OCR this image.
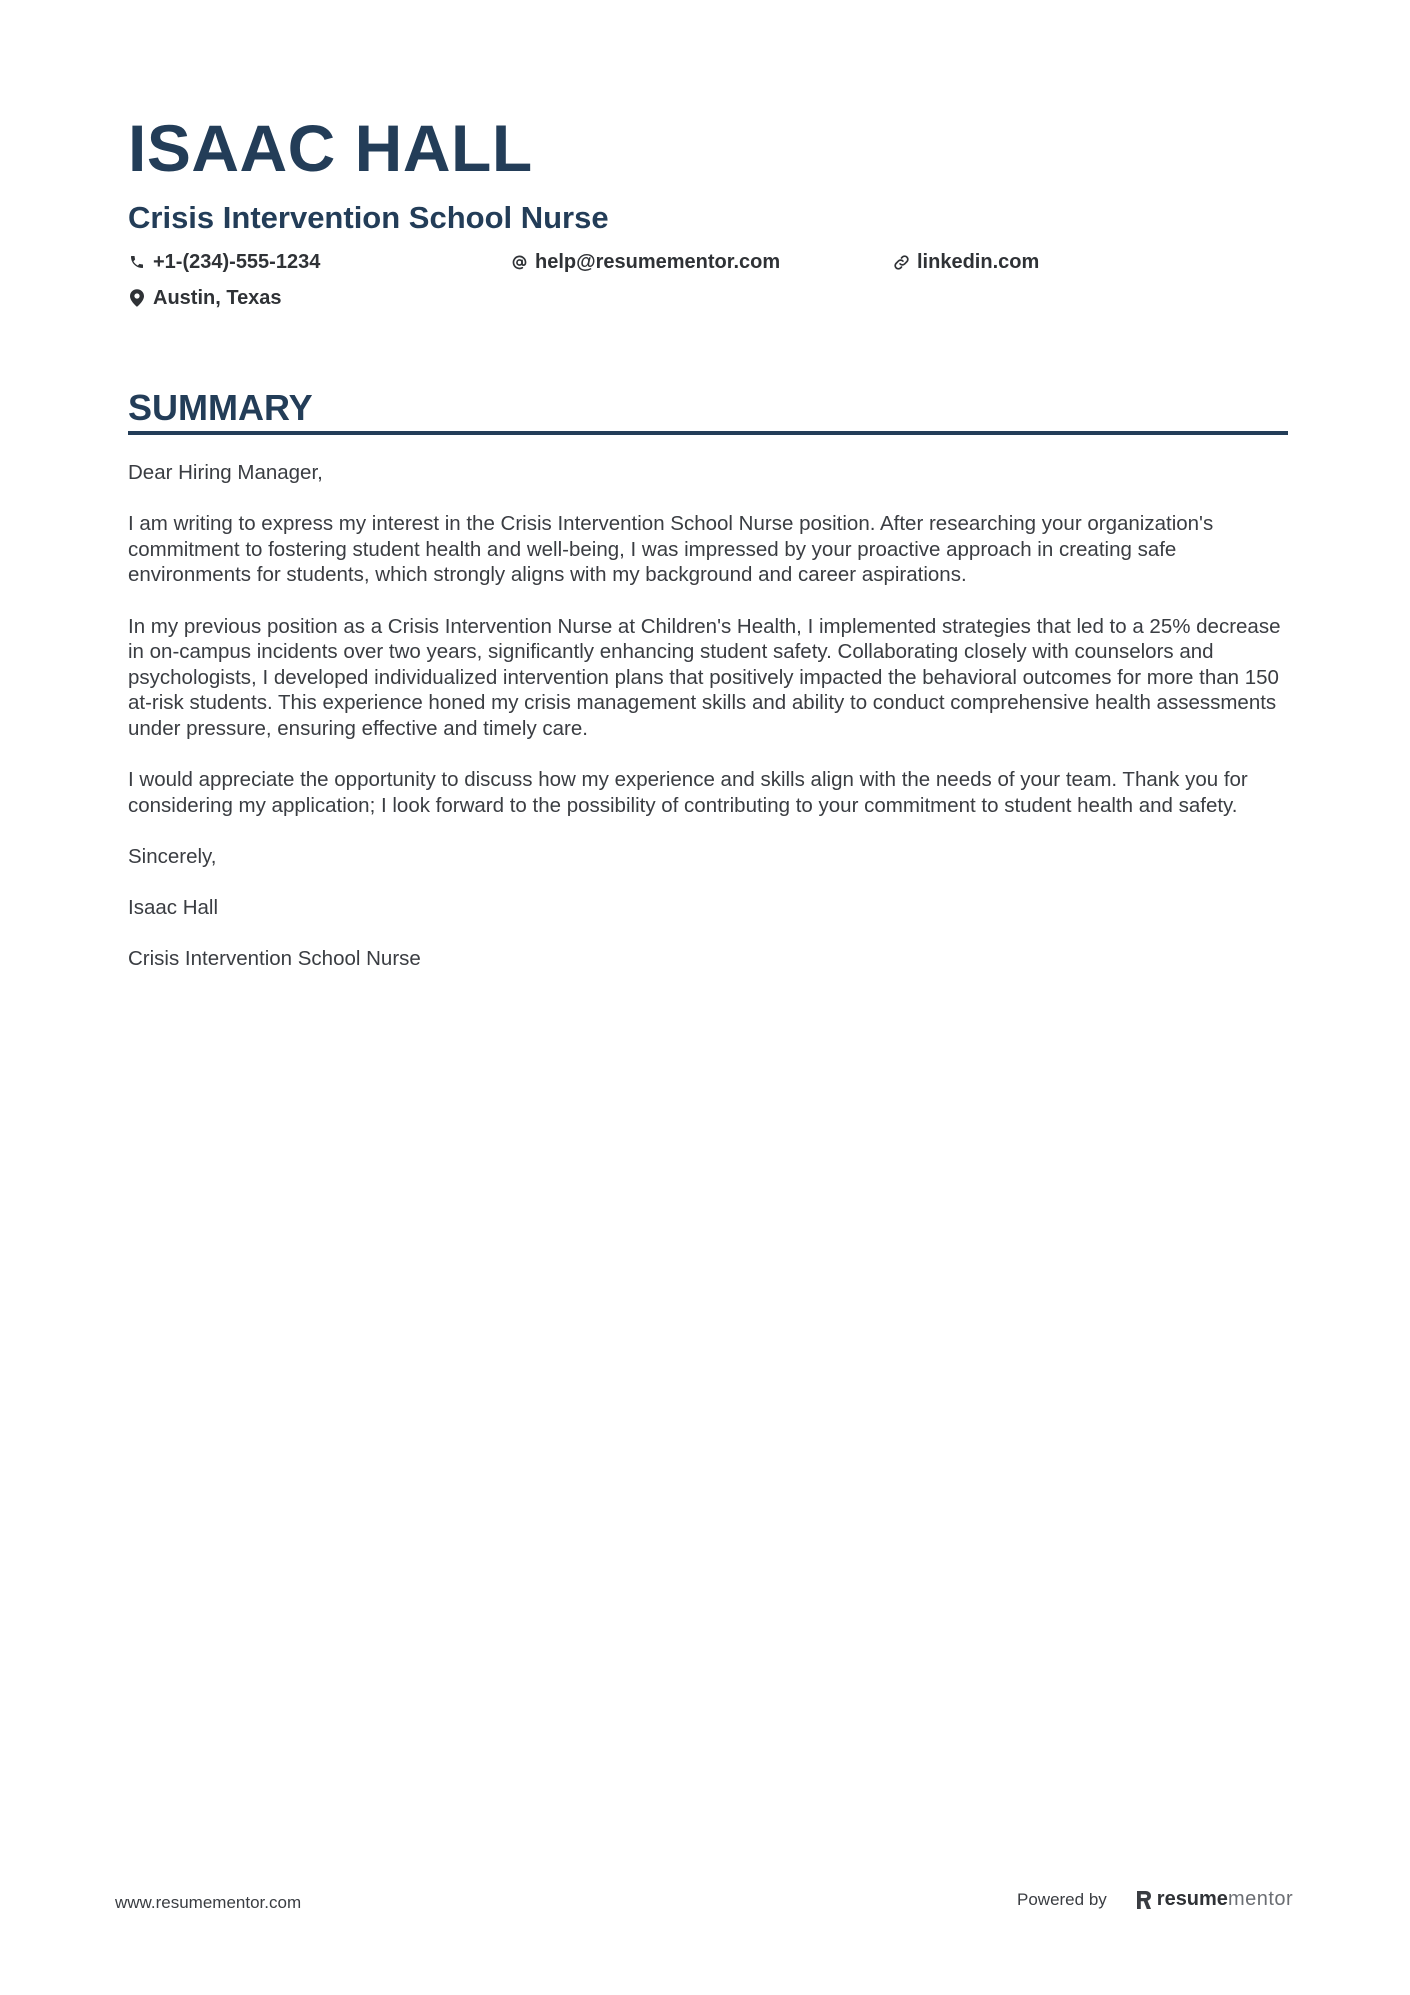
ISAAC HALL
Crisis Intervention School Nurse
+1-(234)-555-1234	help@resumementor.com	linkedin.com
Austin, Texas
SUMMARY

Dear Hiring Manager,

I am writing to express my interest in the Crisis Intervention School Nurse position. After researching your organization's commitment to fostering student health and well-being, I was impressed by your proactive approach in creating safe environments for students, which strongly aligns with my background and career aspirations.

In my previous position as a Crisis Intervention Nurse at Children's Health, I implemented strategies that led to a 25% decrease in on-campus incidents over two years, significantly enhancing student safety. Collaborating closely with counselors and psychologists, I developed individualized intervention plans that positively impacted the behavioral outcomes for more than 150 at-risk students. This experience honed my crisis management skills and ability to conduct comprehensive health assessments under pressure, ensuring effective and timely care.

I would appreciate the opportunity to discuss how my experience and skills align with the needs of your team. Thank you for considering my application; I look forward to the possibility of contributing to your commitment to student health and safety.

Sincerely,

Isaac Hall

Crisis Intervention School Nurse

www.resumementor.com	Powered by	resume mentor
